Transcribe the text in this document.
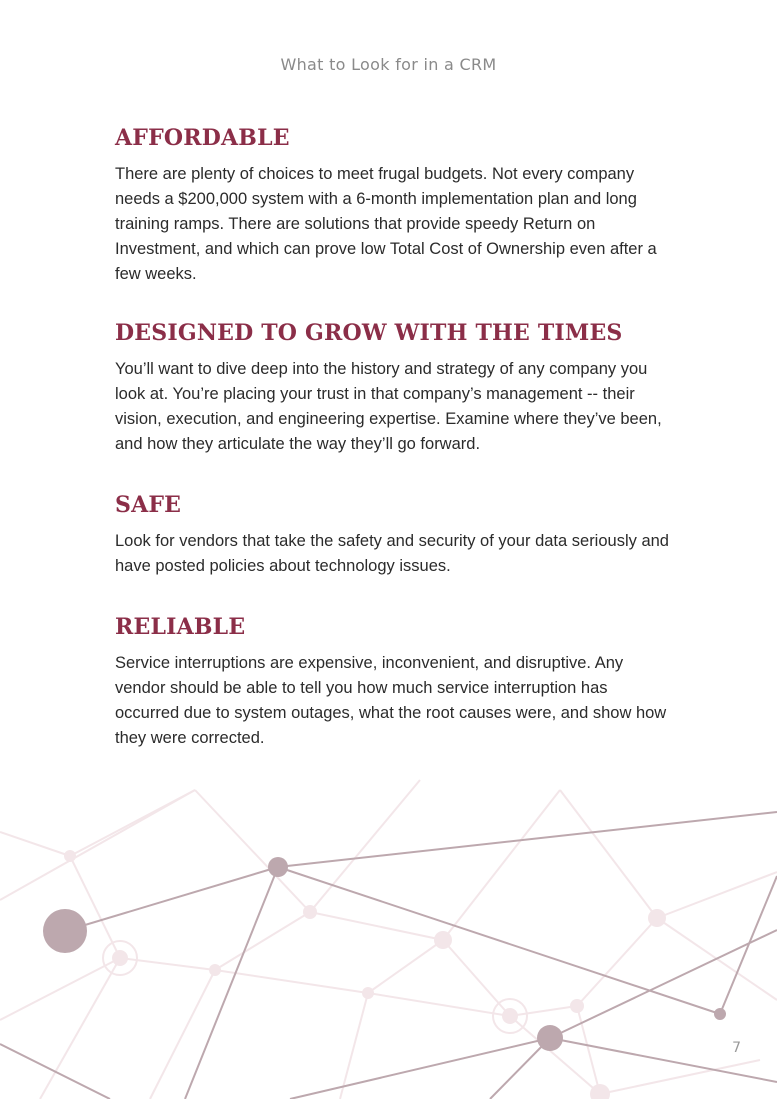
What to Look for in a CRM
AFFORDABLE

There are plenty of choices to meet frugal budgets. Not every company needs a $200,000 system with a 6-month implementation plan and long training ramps. There are solutions that provide speedy Return on Investment, and which can prove low Total Cost of Ownership even after a few weeks.

DESIGNED TO GROW WITH THE TIMES

You’ll want to dive deep into the history and strategy of any company you look at. You’re placing your trust in that company’s management -- their vision, execution, and engineering expertise. Examine where they’ve been, and how they articulate the way they’ll go forward.

SAFE

Look for vendors that take the safety and security of your data seriously and have posted policies about technology issues.

RELIABLE

Service interruptions are expensive, inconvenient, and disruptive. Any vendor should be able to tell you how much service interruption has occurred due to system outages, what the root causes were, and show how they were corrected.

7
